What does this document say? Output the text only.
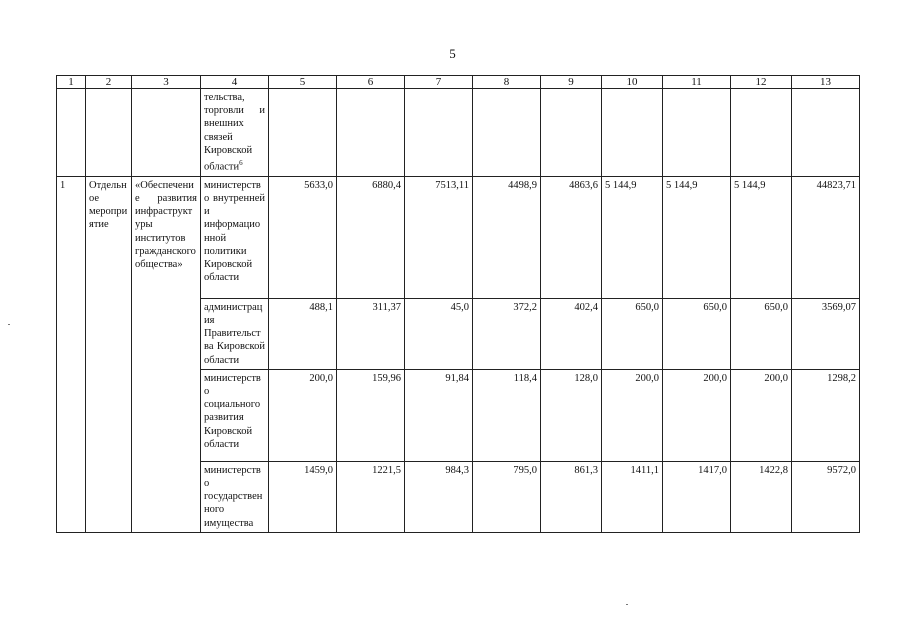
5
1	2	3	4	5	6	7	8	9	10	11	12	13
			тельства, торговли и внешних связей Кировской области$^6$									
1	Отдельное мероприятие	«Обеспечение развития инфраструктуры институтов гражданского общества»	министерство внутренней и информационной политики Кировской области	5633,0	6880,4	7513,11	4498,9	4863,6	5 144,9	5 144,9	5 144,9	44823,71
			администрация Правительства Кировской области	488,1	311,37	45,0	372,2	402,4	650,0	650,0	650,0	3569,07
			министерство социального развития Кировской области	200,0	159,96	91,84	118,4	128,0	200,0	200,0	200,0	1298,2
			министерство государственного имущества	1459,0	1221,5	984,3	795,0	861,3	1411,1	1417,0	1422,8	9572,0
